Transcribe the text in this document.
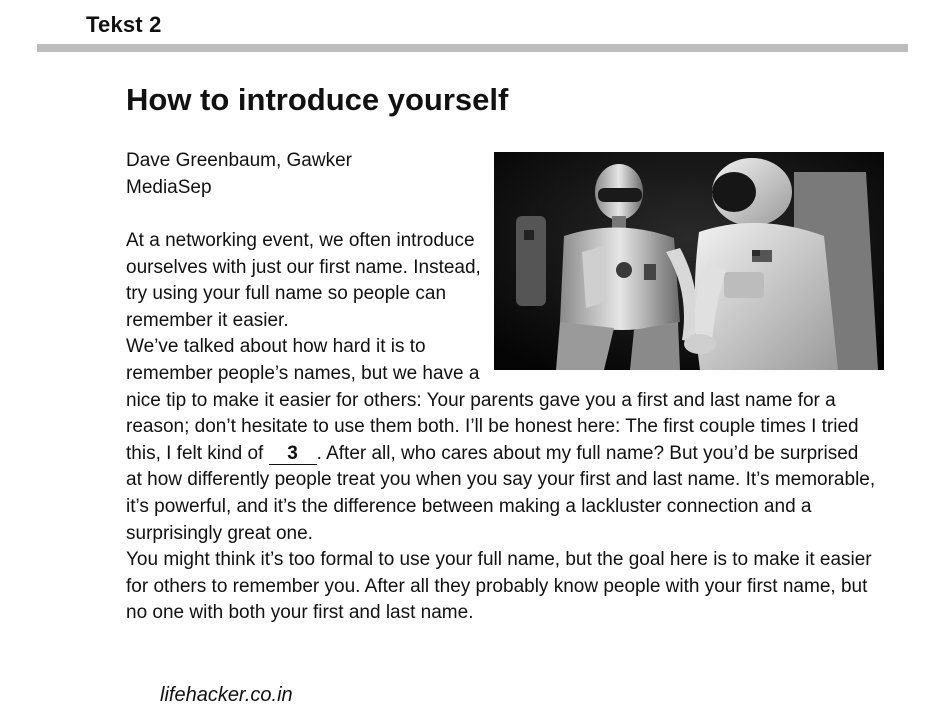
Tekst 2
How to introduce yourself
Dave Greenbaum, Gawker
MediaSep

At a networking event, we often introduce ourselves with just our first name. Instead, try using your full name so people can remember it easier.

We’ve talked about how hard it is to remember people’s names, but we have a nice tip to make it easier for others: Your parents gave you a first and last name for a reason; don’t hesitate to use them both. I’ll be honest here: The first couple times I tried this, I felt kind of 3 . After all, who cares about my full name? But you’d be surprised at how differently people treat you when you say your first and last name. It’s memorable, it’s powerful, and it’s the difference between making a lackluster connection and a surprisingly great one.

You might think it’s too formal to use your full name, but the goal here is to make it easier for others to remember you. After all they probably know people with your first name, but no one with both your first and last name.

lifehacker.co.in
